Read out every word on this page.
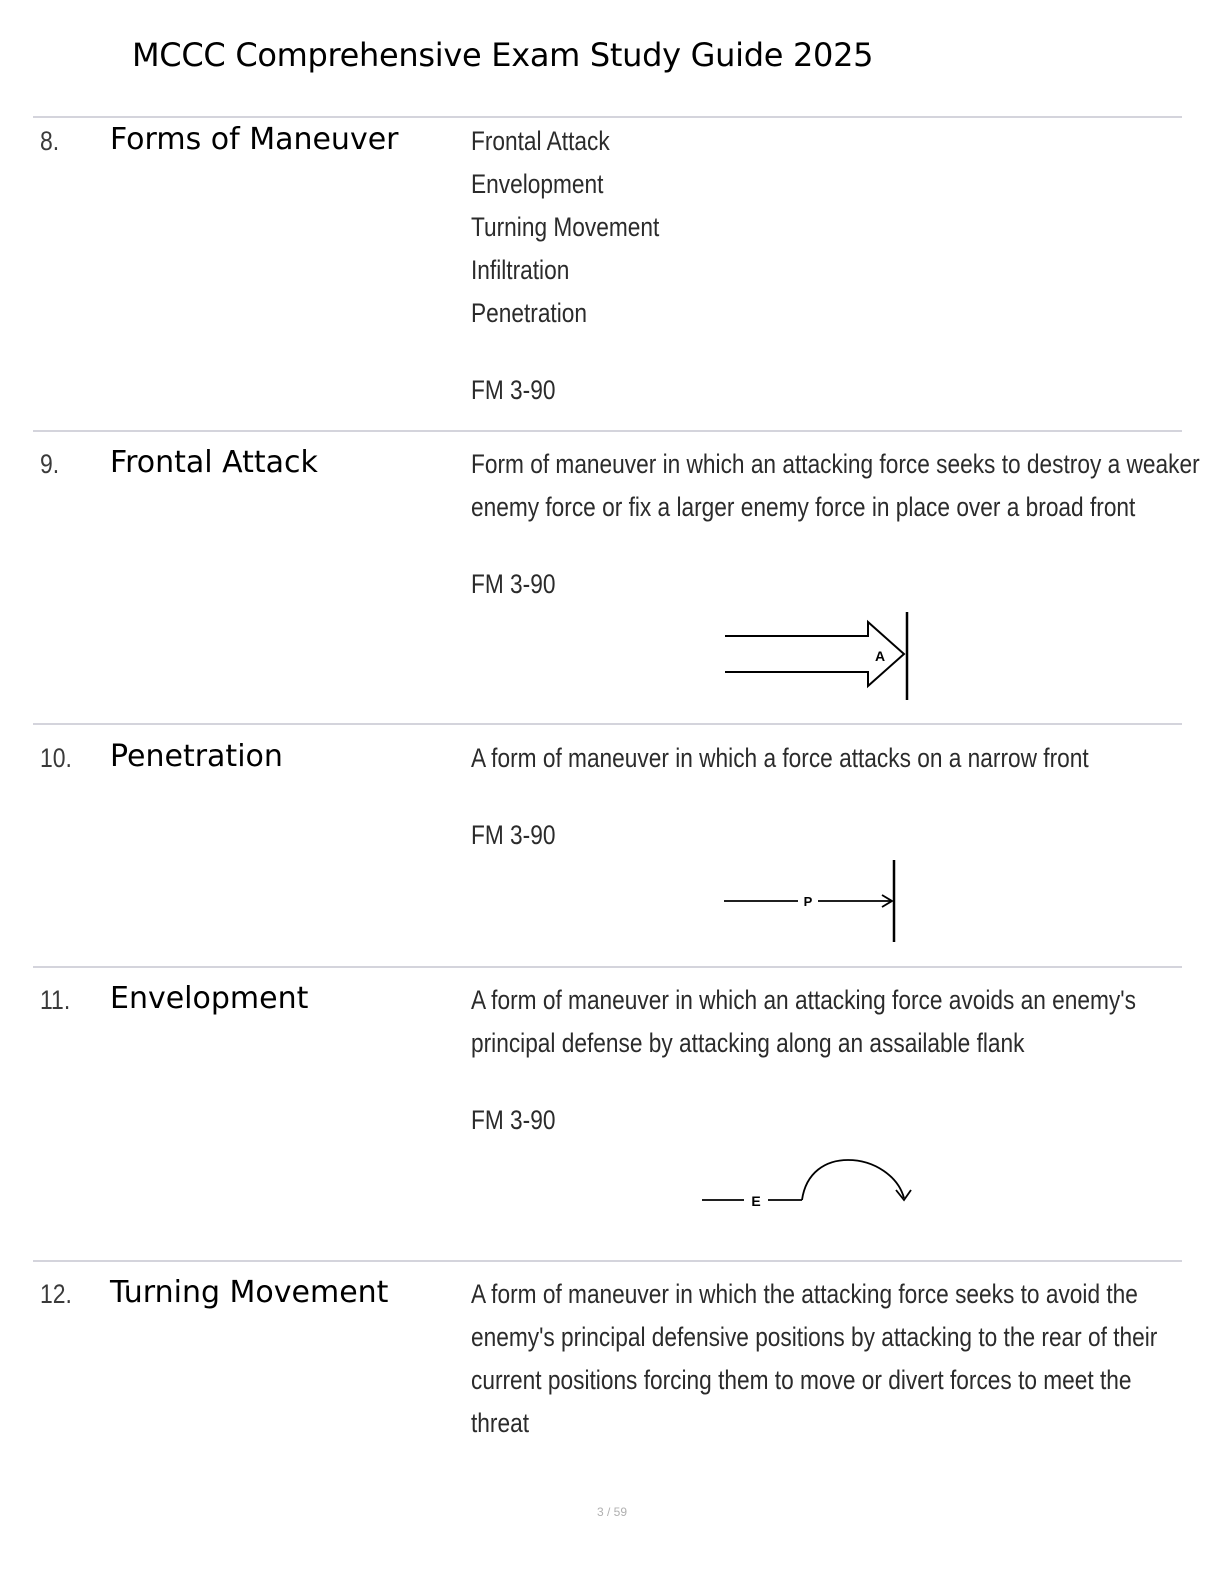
MCCC Comprehensive Exam Study Guide 2025
8. Forms of Maneuver	Frontal Attack
Envelopment
Turning Movement
Infiltration
Penetration
FM 3-90
9. Frontal Attack	Form of maneuver in which an attacking force seeks to destroy a weaker
enemy force or fix a larger enemy force in place over a broad front
FM 3-90
A
10. Penetration	A form of maneuver in which a force attacks on a narrow front
FM 3-90
P
11. Envelopment	A form of maneuver in which an attacking force avoids an enemy's
principal defense by attacking along an assailable flank
FM 3-90
E
12. Turning Movement	A form of maneuver in which the attacking force seeks to avoid the
enemy's principal defensive positions by attacking to the rear of their
current positions forcing them to move or divert forces to meet the
threat
3 / 59
